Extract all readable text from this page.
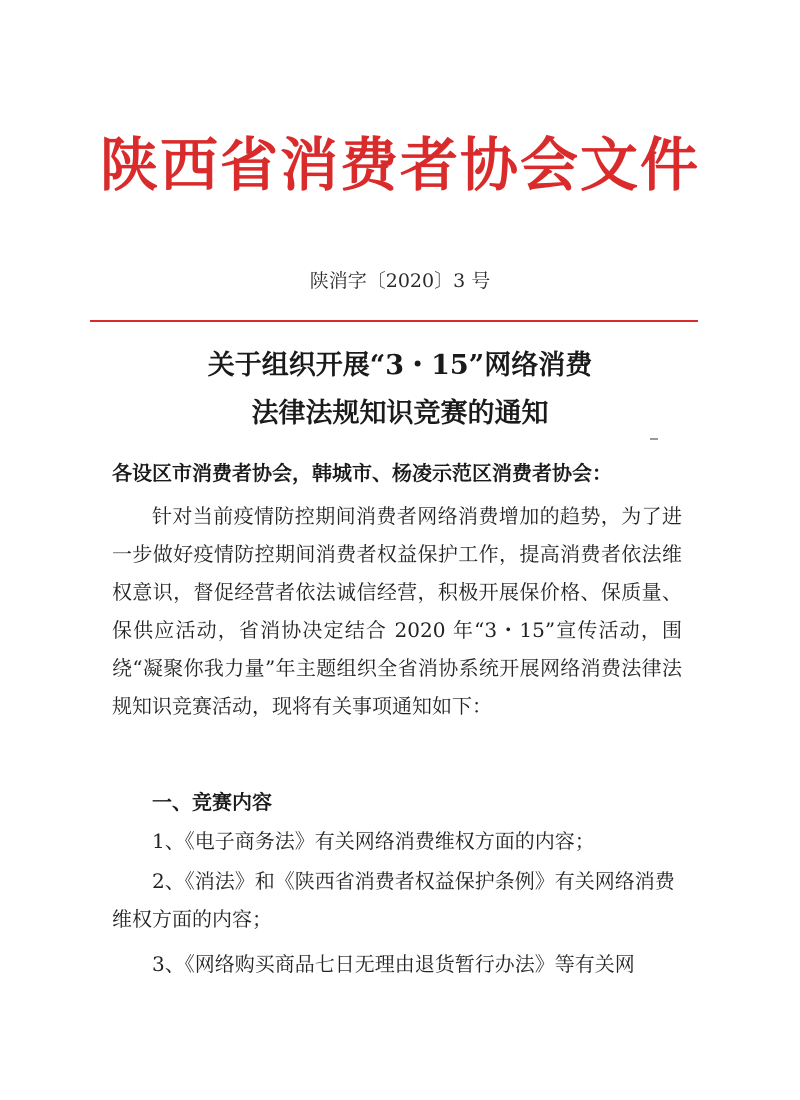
陕西省消费者协会文件
陕消字〔2020〕3 号
关于组织开展“3・15”网络消费
法律法规知识竞赛的通知
各设区市消费者协会，韩城市、杨凌示范区消费者协会：
针对当前疫情防控期间消费者网络消费增加的趋势，为了进一步做好疫情防控期间消费者权益保护工作，提高消费者依法维权意识，督促经营者依法诚信经营，积极开展保价格、保质量、保供应活动，省消协决定结合 2020 年“3・15”宣传活动，围绕“凝聚你我力量”年主题组织全省消协系统开展网络消费法律法规知识竞赛活动，现将有关事项通知如下：
一、竞赛内容
1、《电子商务法》有关网络消费维权方面的内容；
2、《消法》和《陕西省消费者权益保护条例》有关网络消费维权方面的内容；
3、《网络购买商品七日无理由退货暂行办法》等有关网
